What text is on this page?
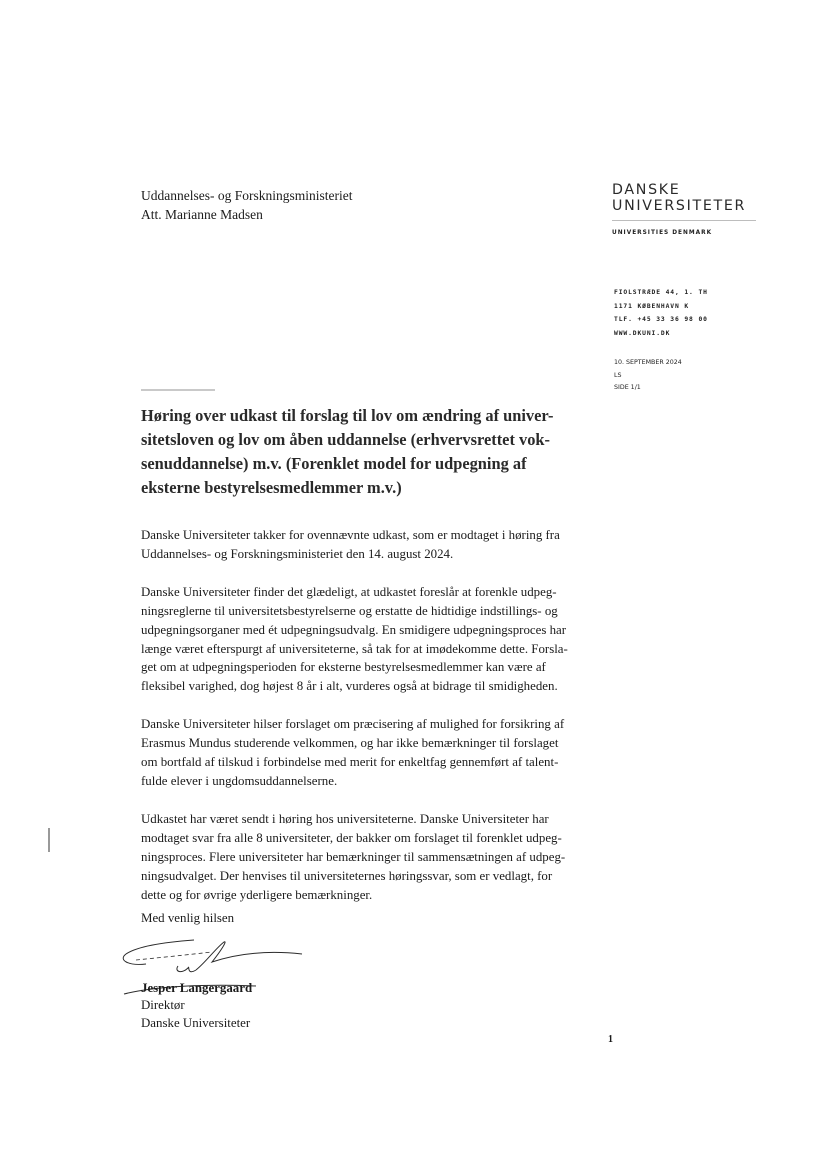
Uddannelses- og Forskningsministeriet
Att. Marianne Madsen
DANSKE
UNIVERSITETER
UNIVERSITIES DENMARK
FIOLSTRÆDE 44, 1. TH
1171 KØBENHAVN K
TLF. +45 33 36 98 00
WWW.DKUNI.DK
10. SEPTEMBER 2024
LS
SIDE 1/1
Høring over udkast til forslag til lov om ændring af univer-
sitetsloven og lov om åben uddannelse (erhvervsrettet vok-
senuddannelse) m.v. (Forenklet model for udpegning af
eksterne bestyrelsesmedlemmer m.v.)
Danske Universiteter takker for ovennævnte udkast, som er modtaget i høring fra
Uddannelses- og Forskningsministeriet den 14. august 2024.
Danske Universiteter finder det glædeligt, at udkastet foreslår at forenkle udpeg-
ningsreglerne til universitetsbestyrelserne og erstatte de hidtidige indstillings- og
udpegningsorganer med ét udpegningsudvalg. En smidigere udpegningsproces har
længe været efterspurgt af universiteterne, så tak for at imødekomme dette. Forsla-
get om at udpegningsperioden for eksterne bestyrelsesmedlemmer kan være af
fleksibel varighed, dog højest 8 år i alt, vurderes også at bidrage til smidigheden.
Danske Universiteter hilser forslaget om præcisering af mulighed for forsikring af
Erasmus Mundus studerende velkommen, og har ikke bemærkninger til forslaget
om bortfald af tilskud i forbindelse med merit for enkeltfag gennemført af talent-
fulde elever i ungdomsuddannelserne.
Udkastet har været sendt i høring hos universiteterne. Danske Universiteter har
modtaget svar fra alle 8 universiteter, der bakker om forslaget til forenklet udpeg-
ningsproces. Flere universiteter har bemærkninger til sammensætningen af udpeg-
ningsudvalget. Der henvises til universiteternes høringssvar, som er vedlagt, for
dette og for øvrige yderligere bemærkninger.
Med venlig hilsen
Jesper Langergaard
Direktør
Danske Universiteter
1
